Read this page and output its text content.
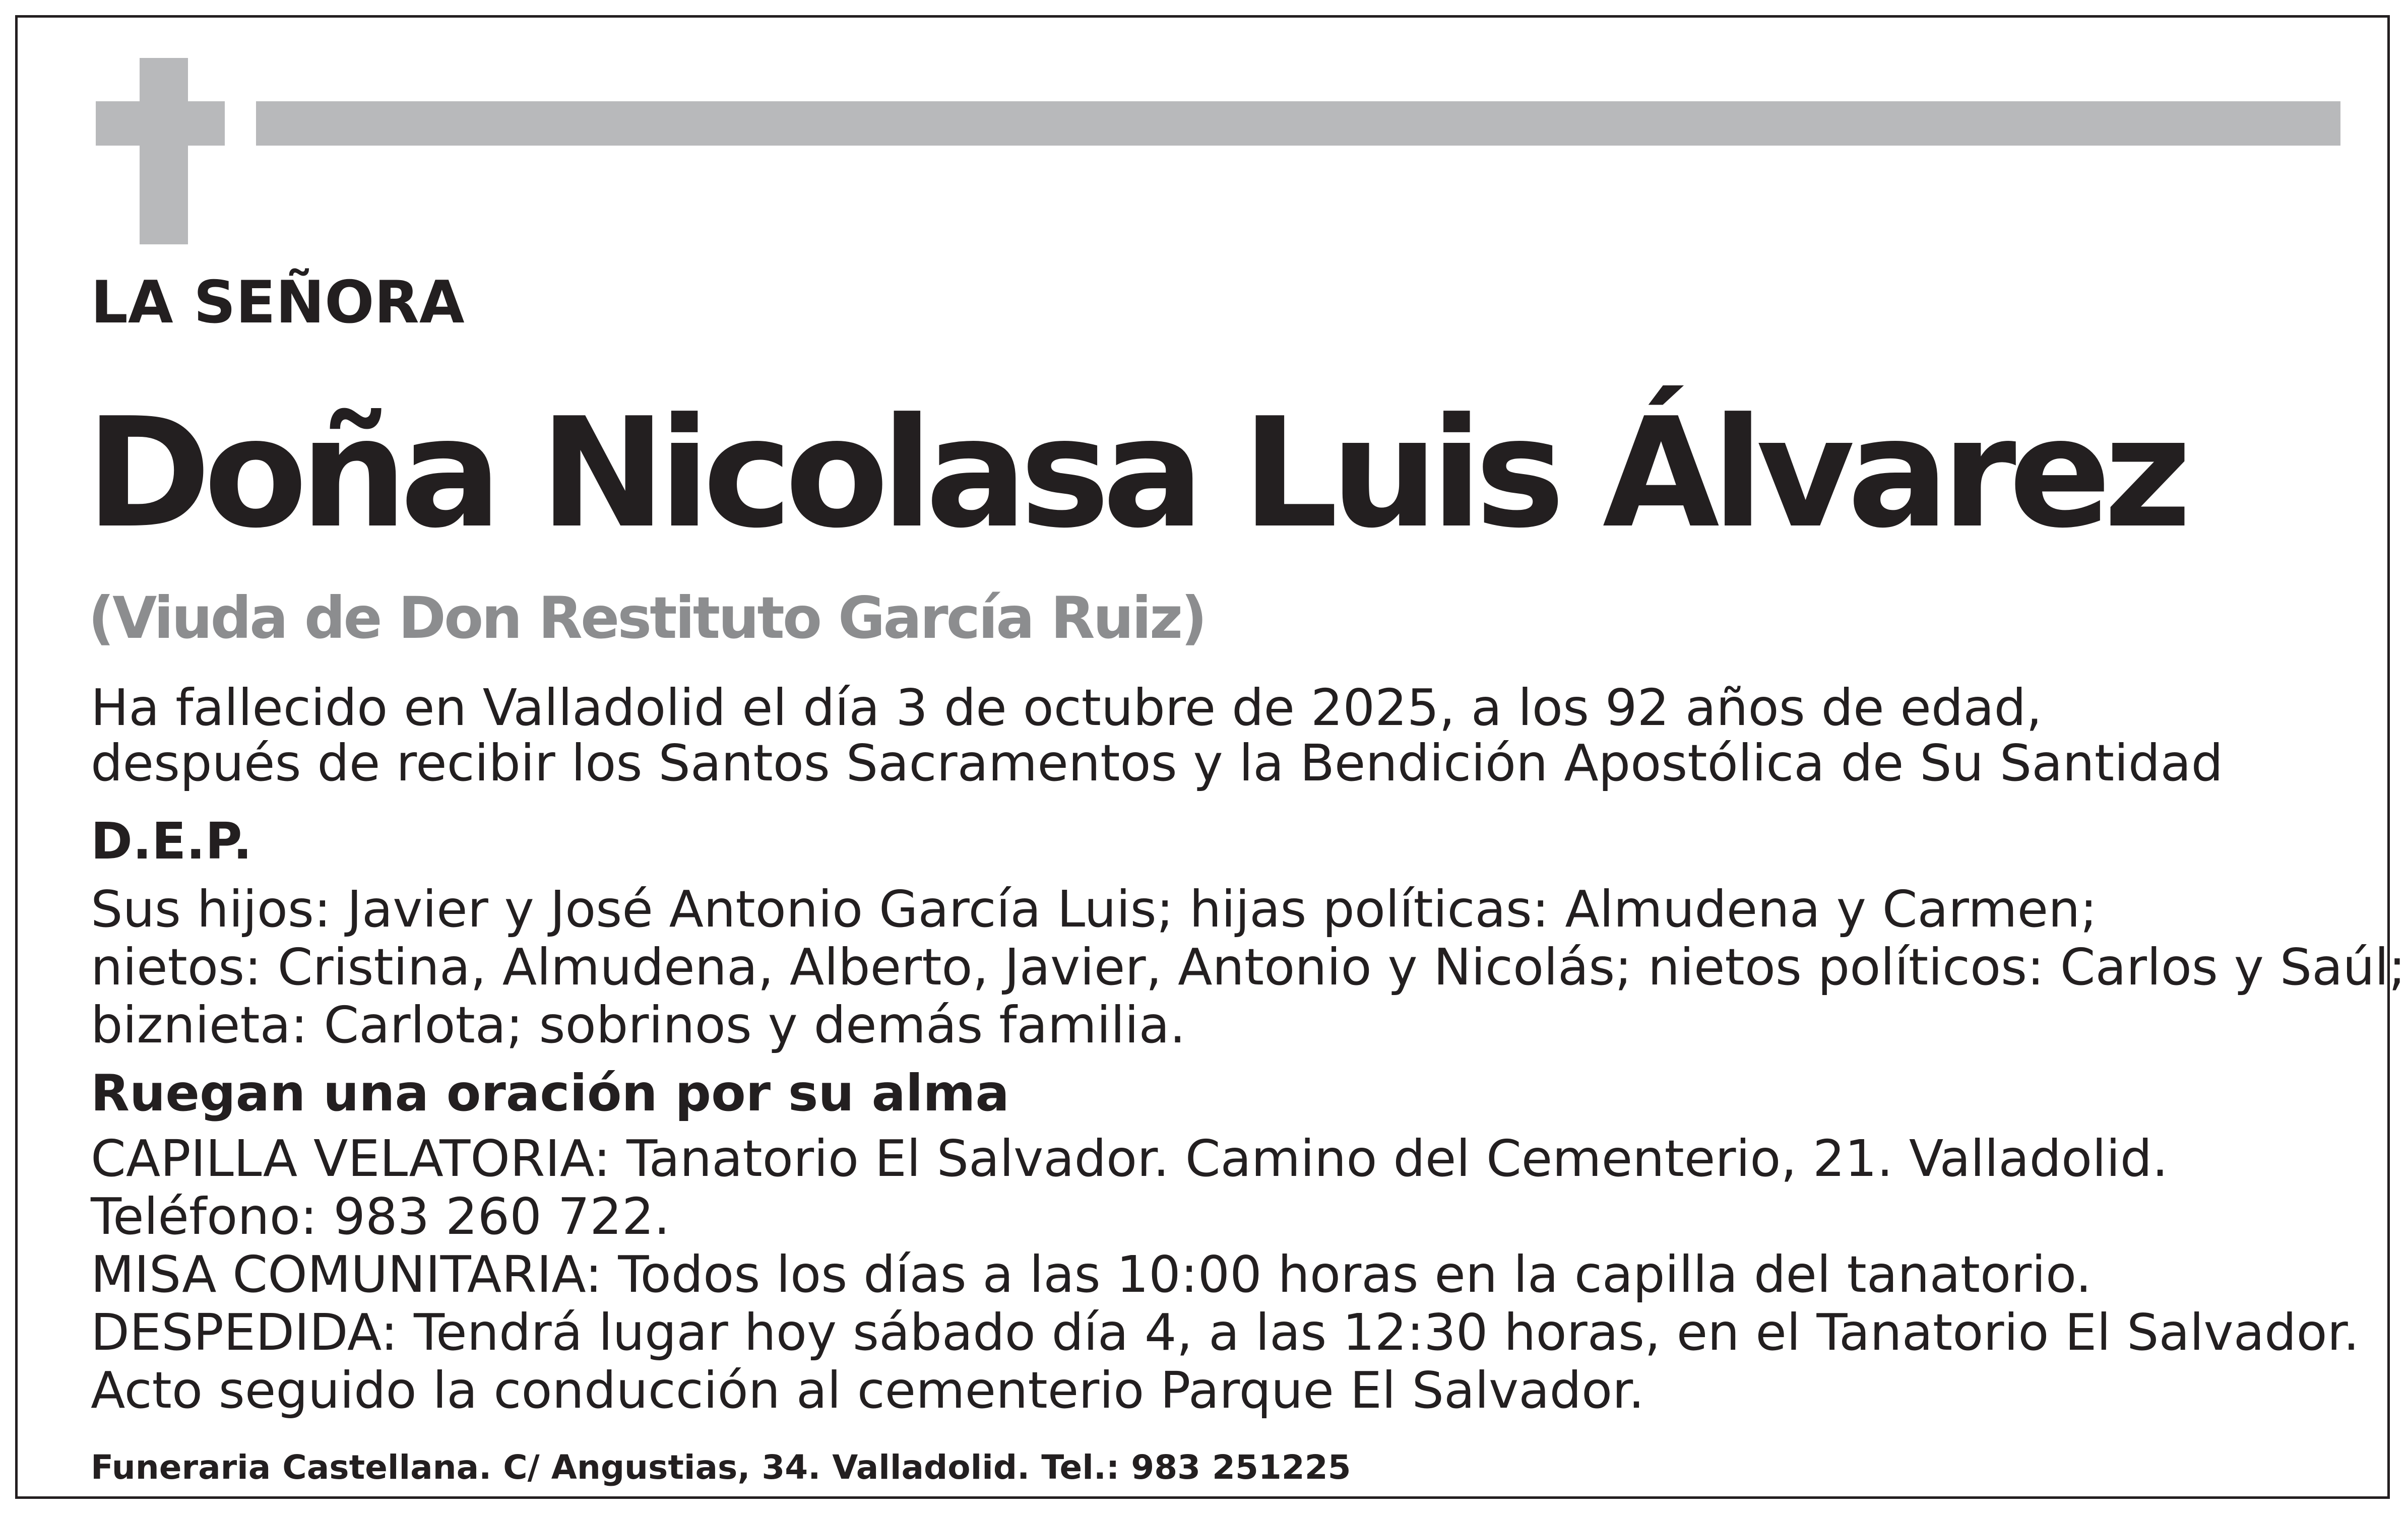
LA SEÑORA
Doña Nicolasa Luis Álvarez
(Viuda de Don Restituto García Ruiz)
Ha fallecido en Valladolid el día 3 de octubre de 2025, a los 92 años de edad,
después de recibir los Santos Sacramentos y la Bendición Apostólica de Su Santidad
D.E.P.
Sus hijos: Javier y José Antonio García Luis; hijas políticas: Almudena y Carmen;
nietos: Cristina, Almudena, Alberto, Javier, Antonio y Nicolás; nietos políticos: Carlos y Saúl;
biznieta: Carlota; sobrinos y demás familia.
Ruegan una oración por su alma
CAPILLA VELATORIA: Tanatorio El Salvador. Camino del Cementerio, 21. Valladolid.
Teléfono: 983 260 722.
MISA COMUNITARIA: Todos los días a las 10:00 horas en la capilla del tanatorio.
DESPEDIDA: Tendrá lugar hoy sábado día 4, a las 12:30 horas, en el Tanatorio El Salvador.
Acto seguido la conducción al cementerio Parque El Salvador.
Funeraria Castellana. C/ Angustias, 34. Valladolid. Tel.: 983 251225
